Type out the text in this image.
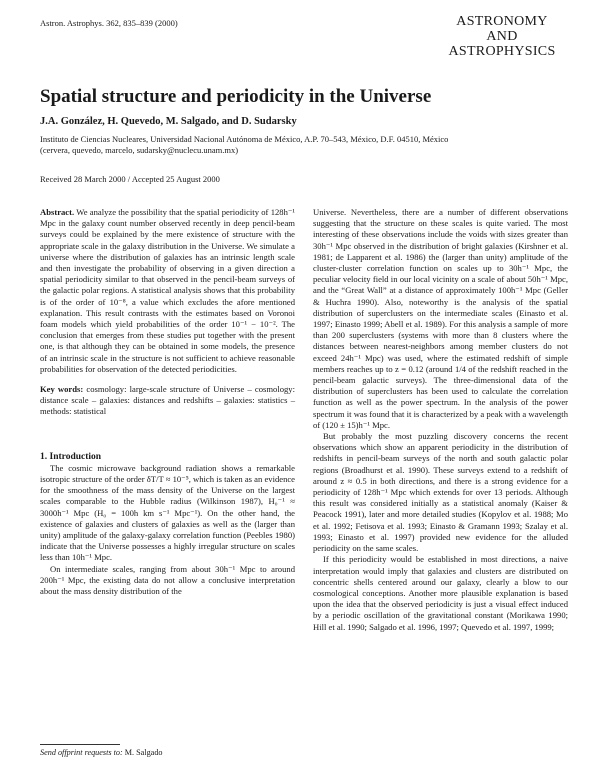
Astron. Astrophys. 362, 835–839 (2000)	ASTRONOMY
AND
ASTROPHYSICS
Spatial structure and periodicity in the Universe
J.A. González, H. Quevedo, M. Salgado, and D. Sudarsky
Instituto de Ciencias Nucleares, Universidad Nacional Autónoma de México, A.P. 70–543, México, D.F. 04510, México
(cervera, quevedo, marcelo, sudarsky@nuclecu.unam.mx)
Received 28 March 2000 / Accepted 25 August 2000

Abstract. We analyze the possibility that the spatial periodicity of 128h⁻¹ Mpc in the galaxy count number observed recently in deep pencil-beam surveys could be explained by the mere existence of structure with the appropriate scale in the galaxy distribution in the Universe. We simulate a universe where the distribution of galaxies has an intrinsic length scale and then investigate the probability of observing in a given direction a spatial periodicity similar to that observed in the pencil-beam surveys of the galactic polar regions. A statistical analysis shows that this probability is of the order of 10⁻⁸, a value which excludes the afore mentioned explanation. This result contrasts with the estimates based on Voronoi foam models which yield probabilities of the order 10⁻¹ − 10⁻². The conclusion that emerges from these studies put together with the present one, is that although they can be obtained in some models, the presence of an intrinsic scale in the structure is not sufficient to achieve reasonable probabilities for observation of the detected periodicities.

Key words: cosmology: large-scale structure of Universe – cosmology: distance scale – galaxies: distances and redshifts – galaxies: statistics – methods: statistical

1. Introduction

The cosmic microwave background radiation shows a remarkable isotropic structure of the order δT/T ≈ 10⁻⁵, which is taken as an evidence for the smoothness of the mass density of the Universe on the largest scales comparable to the Hubble radius (Wilkinson 1987), H₀⁻¹ ≈ 3000h⁻¹ Mpc (H₀ = 100h km s⁻¹ Mpc⁻¹). On the other hand, the existence of galaxies and clusters of galaxies as well as the (larger than unity) amplitude of the galaxy-galaxy correlation function (Peebles 1980) indicate that the Universe possesses a highly irregular structure on scales less than 10h⁻¹ Mpc.

On intermediate scales, ranging from about 30h⁻¹ Mpc to around 200h⁻¹ Mpc, the existing data do not allow a conclusive interpretation about the mass density distribution of the

Universe. Nevertheless, there are a number of different observations suggesting that the structure on these scales is quite varied. The most interesting of these observations include the voids with sizes greater than 30h⁻¹ Mpc observed in the distribution of bright galaxies (Kirshner et al. 1981; de Lapparent et al. 1986) the (larger than unity) amplitude of the cluster-cluster correlation function on scales up to 30h⁻¹ Mpc, the peculiar velocity field in our local vicinity on a scale of about 50h⁻¹ Mpc, and the “Great Wall” at a distance of approximately 100h⁻¹ Mpc (Geller & Huchra 1990). Also, noteworthy is the analysis of the spatial distribution of superclusters on the intermediate scales (Einasto et al. 1997; Einasto 1999; Abell et al. 1989). For this analysis a sample of more than 200 superclusters (systems with more than 8 clusters where the distances between nearest-neighbors among member clusters do not exceed 24h⁻¹ Mpc) was used, where the estimated redshift of simple members reaches up to z = 0.12 (around 1/4 of the redshift reached in the pencil-beam galactic surveys). The three-dimensional data of the distribution of superclusters has been used to calculate the correlation function as well as the power spectrum. In the analysis of the power spectrum it was found that it is characterized by a peak with a wavelength of (120 ± 15)h⁻¹ Mpc.

But probably the most puzzling discovery concerns the recent observations which show an apparent periodicity in the distribution of redshifts in pencil-beam surveys of the north and south galactic polar regions (Broadhurst et al. 1990). These surveys extend to a redshift of around z ≈ 0.5 in both directions, and there is a strong evidence for a periodicity of 128h⁻¹ Mpc which extends for over 13 periods. Although this result was considered initially as a statistical anomaly (Kaiser & Peacock 1991), later and more detailed studies (Kopylov et al. 1988; Mo et al. 1992; Fetisova et al. 1993; Einasto & Gramann 1993; Szalay et al. 1993; Einasto et al. 1997) provided new evidence for the alluded periodicity on the same scales.

If this periodicity would be established in most directions, a naive interpretation would imply that galaxies and clusters are distributed on concentric shells centered around our galaxy, clearly a blow to our cosmological conceptions. Another more plausible explanation is based upon the idea that the observed periodicity is just a visual effect induced by a periodic oscillation of the gravitational constant (Morikawa 1990; Hill et al. 1990; Salgado et al. 1996, 1997; Quevedo et al. 1997, 1999;

Send offprint requests to: M. Salgado
